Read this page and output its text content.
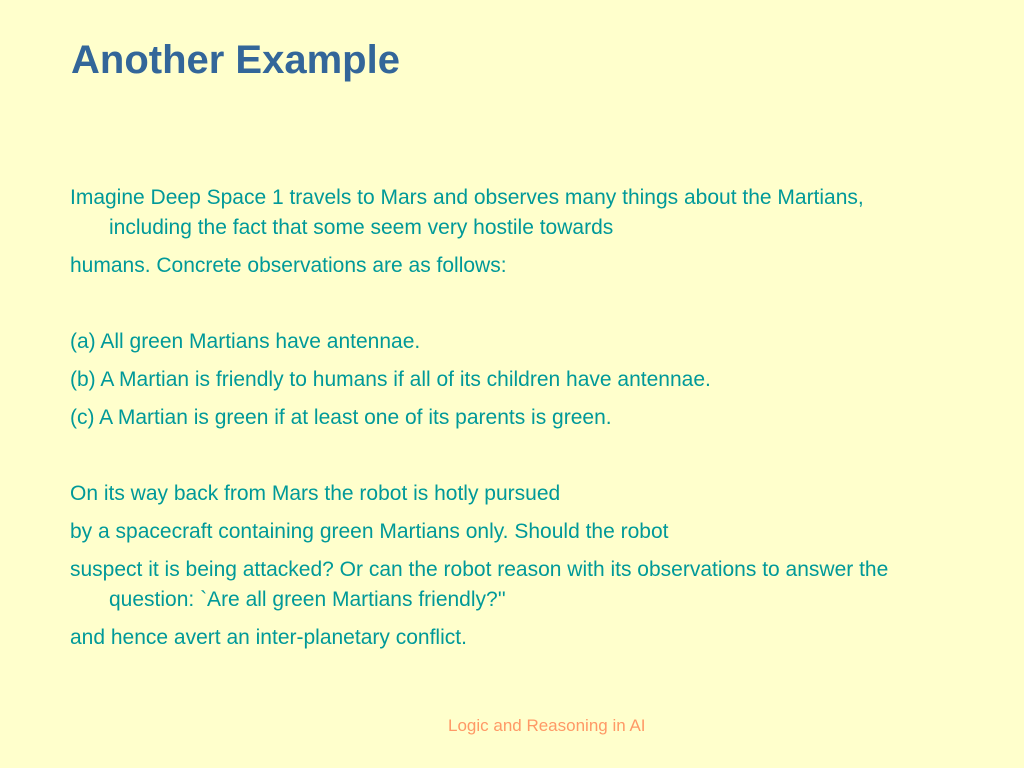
Another Example

Imagine Deep Space 1 travels to Mars and observes many things about the Martians, including the fact that some seem very hostile towards

humans. Concrete observations are as follows:

(a) All green Martians have antennae.

(b) A Martian is friendly to humans if all of its children have antennae.

(c) A Martian is green if at least one of its parents is green.

On its way back from Mars the robot is hotly pursued

by a spacecraft containing green Martians only. Should the robot

suspect it is being attacked? Or can the robot reason with its observations to answer the question: `Are all green Martians friendly?''

and hence avert an inter-planetary conflict.

Logic and Reasoning in AI
